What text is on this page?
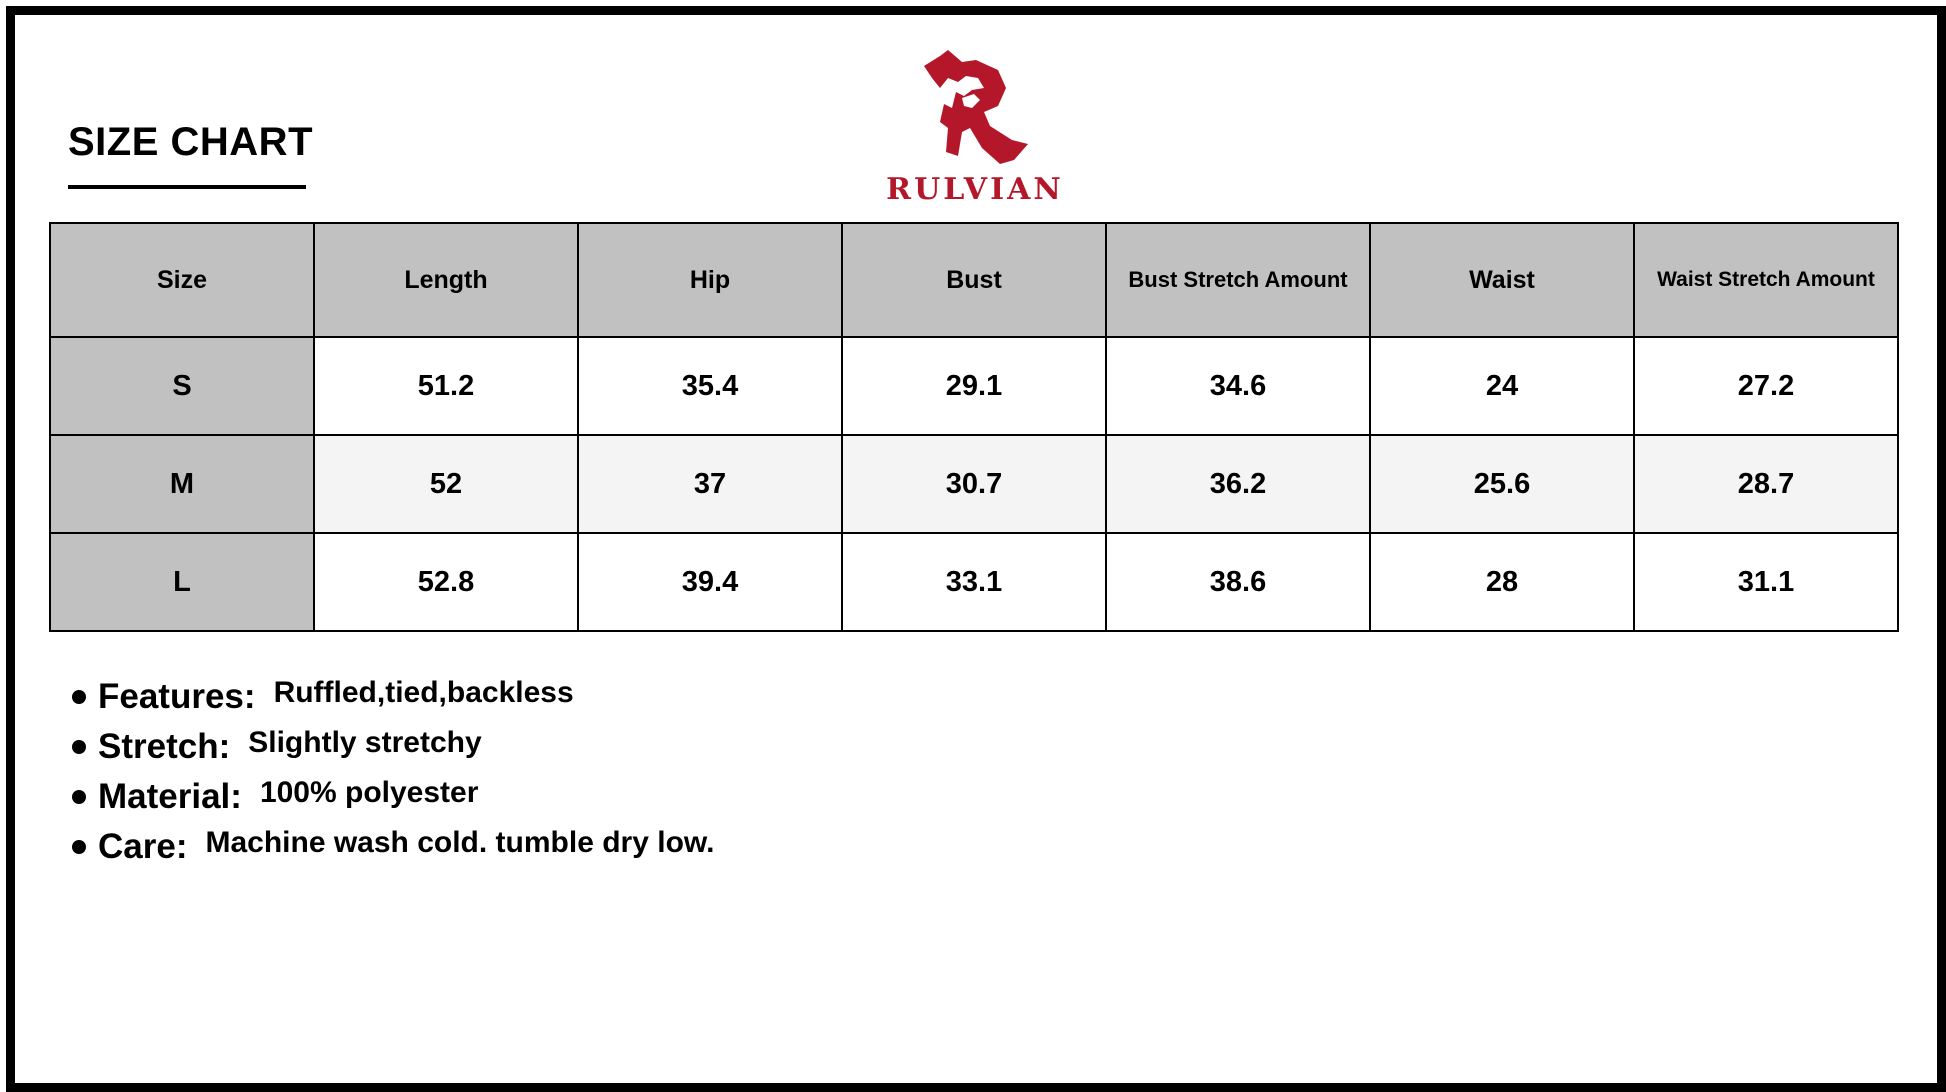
SIZE CHART
RULVIAN
Size	Length	Hip	Bust	Bust Stretch Amount	Waist	Waist Stretch Amount
S	51.2	35.4	29.1	34.6	24	27.2
M	52	37	30.7	36.2	25.6	28.7
L	52.8	39.4	33.1	38.6	28	31.1
Features: Ruffled,tied,backless
Stretch: Slightly stretchy
Material: 100% polyester
Care: Machine wash cold. tumble dry low.
